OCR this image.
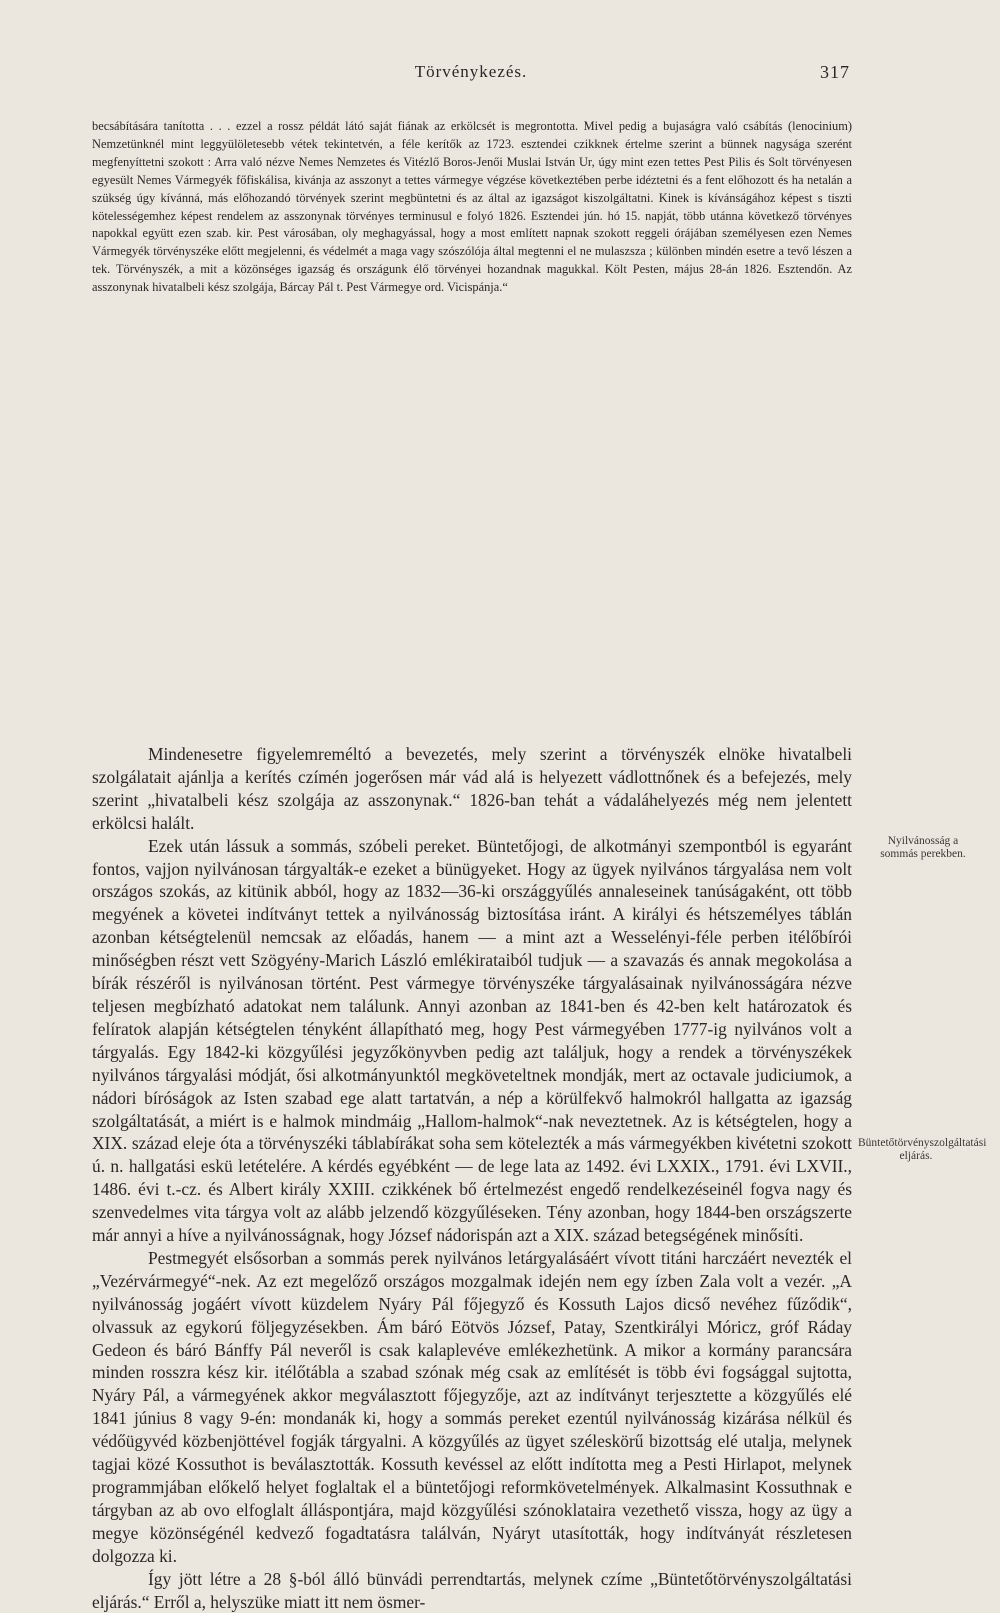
Törvénykezés.	317
becsábítására tanította . . . ezzel a rossz példát látó saját fiának az erkölcsét is megrontotta. Mivel pedig a bujaságra való csábítás (lenocinium) Nemzetünknél mint leggyülöletesebb vétek tekintetvén, a féle kerítők az 1723. esztendei czikknek értelme szerint a bünnek nagysága szerént megfenyíttetni szokott : Arra való nézve Nemes Nemzetes és Vitézlő Boros-Jenői Muslai István Ur, úgy mint ezen tettes Pest Pilis és Solt törvényesen egyesült Nemes Vármegyék főfiskálisa, kivánja az asszonyt a tettes vármegye végzése következtében perbe idéztetni és a fent előhozott és ha netalán a szükség úgy kívánná, más előhozandó törvények szerint megbüntetni és az által az igazságot kiszolgáltatni. Kinek is kívánságához képest s tiszti kötelességemhez képest rendelem az asszonynak törvényes terminusul e folyó 1826. Esztendei jún. hó 15. napját, több utánna következő törvényes napokkal együtt ezen szab. kir. Pest városában, oly meghagyással, hogy a most említett napnak szokott reggeli órájában személyesen ezen Nemes Vármegyék törvényszéke előtt megjelenni, és védelmét a maga vagy szószólója által megtenni el ne mulaszsza ; különben mindén esetre a tevő lészen a tek. Törvényszék, a mit a közönséges igazság és országunk élő törvényei hozandnak magukkal. Költ Pesten, május 28-án 1826. Esztendőn. Az asszonynak hivatalbeli kész szolgája, Bárcay Pál t. Pest Vármegye ord. Vicispánja.“

Mindenesetre figyelemreméltó a bevezetés, mely szerint a törvényszék elnöke hivatalbeli szolgálatait ajánlja a kerítés czímén jogerősen már vád alá is helyezett vádlottnőnek és a befejezés, mely szerint „hivatalbeli kész szolgája az asszonynak.“ 1826-ban tehát a vádaláhelyezés még nem jelentett erkölcsi halált.

Ezek után lássuk a sommás, szóbeli pereket. Büntetőjogi, de alkotmányi szempontból is egyaránt fontos, vajjon nyilvánosan tárgyalták-e ezeket a bünügyeket. Hogy az ügyek nyilvános tárgyalása nem volt országos szokás, az kitünik abból, hogy az 1832—36-ki országgyűlés annaleseinek tanúságaként, ott több megyének a követei indítványt tettek a nyilvánosság biztosítása iránt. A királyi és hétszemélyes táblán azonban kétségtelenül nemcsak az előadás, hanem — a mint azt a Wesselényi-féle perben itélőbírói minőségben részt vett Szögyény-Marich László emlékirataiból tudjuk — a szavazás és annak megokolása a bírák részéről is nyilvánosan történt. Pest vármegye törvényszéke tárgyalásainak nyilvánosságára nézve teljesen megbízható adatokat nem találunk. Annyi azonban az 1841-ben és 42-ben kelt határozatok és felíratok alapján kétségtelen tényként állapítható meg, hogy Pest vármegyében 1777-ig nyilvános volt a tárgyalás. Egy 1842-ki közgyűlési jegyzőkönyvben pedig azt találjuk, hogy a rendek a törvényszékek nyilvános tárgyalási módját, ősi alkotmányunktól megköveteltnek mondják, mert az octavale judiciumok, a nádori bíróságok az Isten szabad ege alatt tartatván, a nép a körülfekvő halmokról hallgatta az igazság szolgáltatását, a miért is e halmok mindmáig „Hallom-halmok“-nak neveztetnek. Az is kétségtelen, hogy a XIX. század eleje óta a törvényszéki táblabírákat soha sem kötelezték a más vármegyékben kivétetni szokott ú. n. hallgatási eskü letételére. A kérdés egyébként — de lege lata az 1492. évi LXXIX., 1791. évi LXVII., 1486. évi t.-cz. és Albert király XXIII. czikkének bő értelmezést engedő rendelkezéseinél fogva nagy és szenvedelmes vita tárgya volt az alább jelzendő közgyűléseken. Tény azonban, hogy 1844-ben országszerte már annyi a híve a nyilvánosságnak, hogy József nádorispán azt a XIX. század betegségének minősíti.

Pestmegyét elsősorban a sommás perek nyilvános letárgyalásáért vívott titáni harczáért nevezték el „Vezérvármegyé“-nek. Az ezt megelőző országos mozgalmak idején nem egy ízben Zala volt a vezér. „A nyilvánosság jogáért vívott küzdelem Nyáry Pál főjegyző és Kossuth Lajos dicső nevéhez fűződik“, olvassuk az egykorú följegyzésekben. Ám báró Eötvös József, Patay, Szentkirályi Móricz, gróf Ráday Gedeon és báró Bánffy Pál neveről is csak kalaplevéve emlékezhetünk. A mikor a kormány parancsára minden rosszra kész kir. itélőtábla a szabad szónak még csak az említését is több évi fogsággal sujtotta, Nyáry Pál, a vármegyének akkor megválasztott főjegyzője, azt az indítványt terjesztette a közgyűlés elé 1841 június 8 vagy 9-én: mondanák ki, hogy a sommás pereket ezentúl nyilvánosság kizárása nélkül és védőügyvéd közbenjöttével fogják tárgyalni. A közgyűlés az ügyet széleskörű bizottság elé utalja, melynek tagjai közé Kossuthot is beválasztották. Kossuth kevéssel az előtt indította meg a Pesti Hirlapot, melynek programmjában előkelő helyet foglaltak el a büntetőjogi reformkövetelmények. Alkalmasint Kossuthnak e tárgyban az ab ovo elfoglalt álláspontjára, majd közgyűlési szónoklataira vezethető vissza, hogy az ügy a megye közönségénél kedvező fogadtatásra találván, Nyáryt utasították, hogy indítványát részletesen dolgozza ki.

Így jött létre a 28 §-ból álló bünvádi perrendtartás, melynek czíme „Büntetőtörvényszolgáltatási eljárás.“ Erről a, helyszüke miatt itt nem ösmer-

Nyilvánosság a sommás perekben.
Büntetőtörvényszolgáltatási eljárás.
